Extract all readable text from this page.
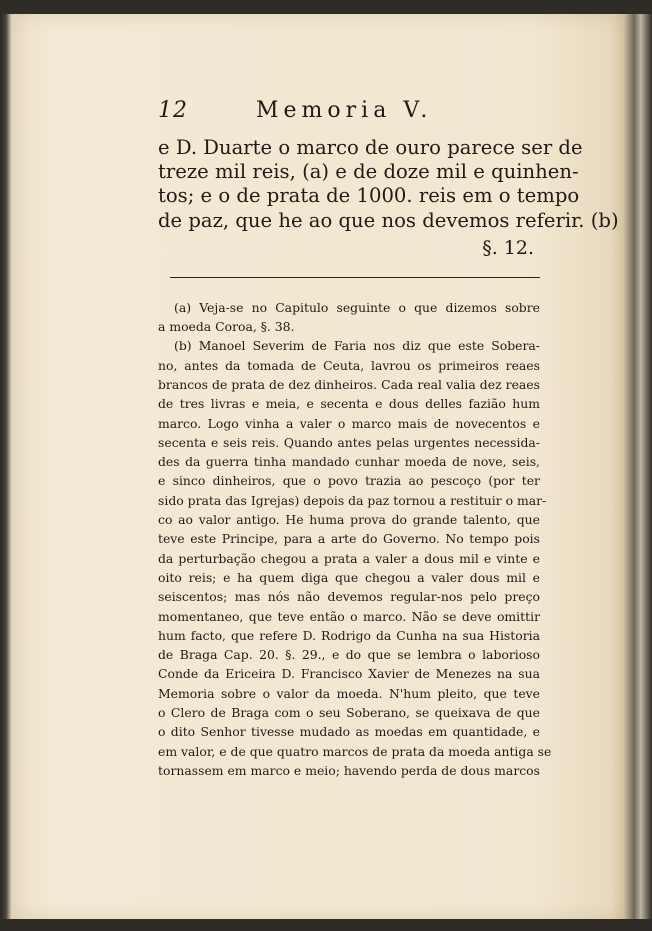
12	Memoria V.

e D. Duarte o marco de ouro parece ser de
treze mil reis, (a) e de doze mil e quinhen-
tos; e o de prata de 1000. reis em o tempo
de paz, que he ao que nos devemos referir. (b)

§. 12.
(a) Veja-se no Capitulo seguinte o que dizemos sobre
a moeda Coroa, §. 38.
(b) Manoel Severim de Faria nos diz que este Sobera-
no, antes da tomada de Ceuta, lavrou os primeiros reaes
brancos de prata de dez dinheiros. Cada real valia dez reaes
de tres livras e meia, e secenta e dous delles fazião hum
marco. Logo vinha a valer o marco mais de novecentos e
secenta e seis reis. Quando antes pelas urgentes necessida-
des da guerra tinha mandado cunhar moeda de nove, seis,
e sinco dinheiros, que o povo trazia ao pescoço (por ter
sido prata das Igrejas) depois da paz tornou a restituir o mar-
co ao valor antigo. He huma prova do grande talento, que
teve este Principe, para a arte do Governo. No tempo pois
da perturbação chegou a prata a valer a dous mil e vinte e
oito reis; e ha quem diga que chegou a valer dous mil e
seiscentos; mas nós não devemos regular-nos pelo preço
momentaneo, que teve então o marco. Não se deve omittir
hum facto, que refere D. Rodrigo da Cunha na sua Historia
de Braga Cap. 20. §. 29., e do que se lembra o laborioso
Conde da Ericeira D. Francisco Xavier de Menezes na sua
Memoria sobre o valor da moeda. N'hum pleito, que teve
o Clero de Braga com o seu Soberano, se queixava de que
o dito Senhor tivesse mudado as moedas em quantidade, e
em valor, e de que quatro marcos de prata da moeda antiga se
tornassem em marco e meio; havendo perda de dous marcos
